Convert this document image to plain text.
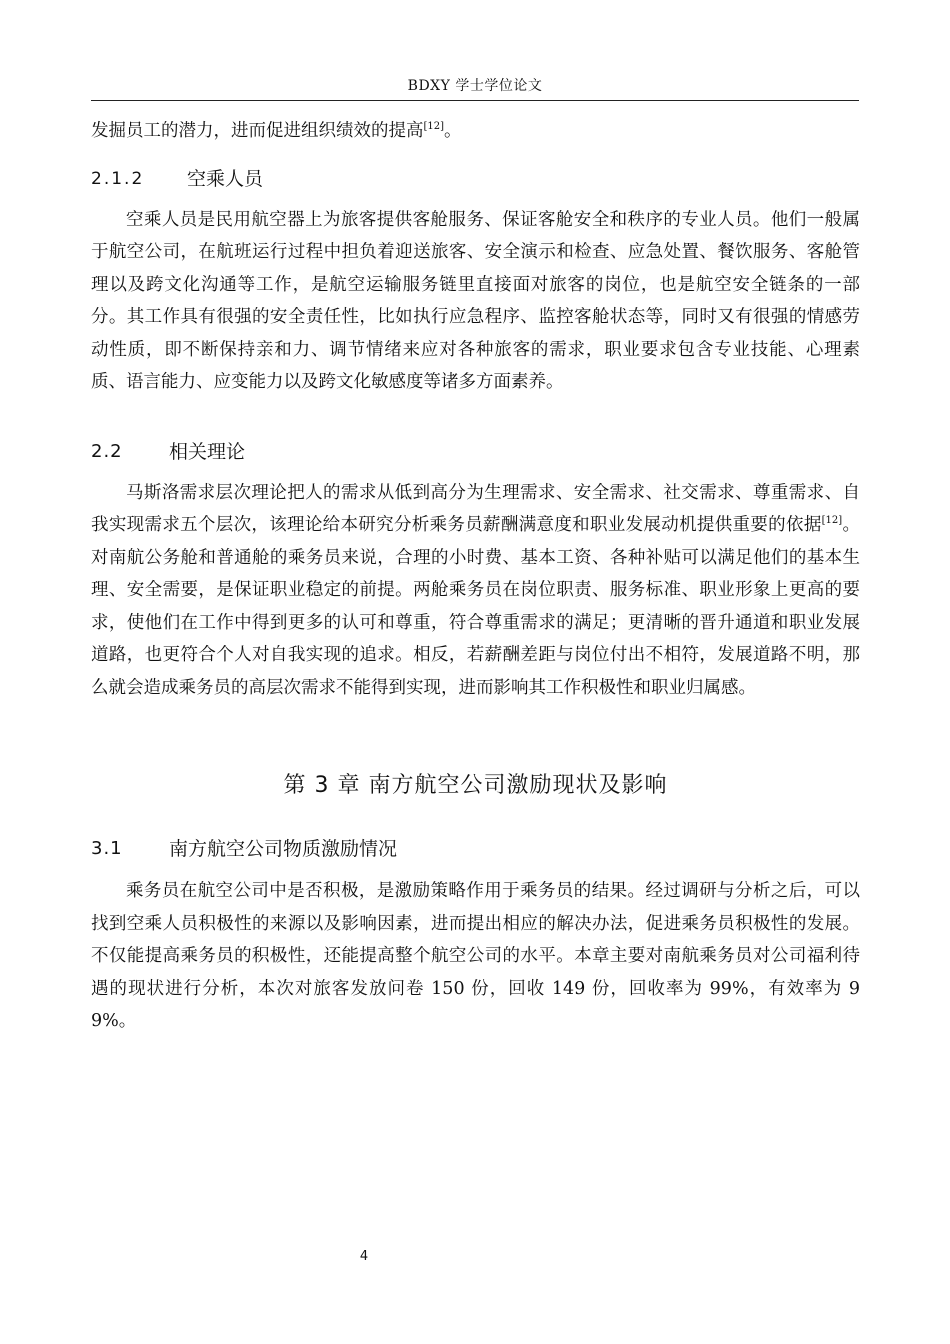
BDXY 学士学位论文

发掘员工的潜力，进而促进组织绩效的提高[12]。

2.1.2	空乘人员

空乘人员是民用航空器上为旅客提供客舱服务、保证客舱安全和秩序的专业人员。他们一般属于航空公司，在航班运行过程中担负着迎送旅客、安全演示和检查、应急处置、餐饮服务、客舱管理以及跨文化沟通等工作，是航空运输服务链里直接面对旅客的岗位，也是航空安全链条的一部分。其工作具有很强的安全责任性，比如执行应急程序、监控客舱状态等，同时又有很强的情感劳动性质，即不断保持亲和力、调节情绪来应对各种旅客的需求，职业要求包含专业技能、心理素质、语言能力、应变能力以及跨文化敏感度等诸多方面素养。

2.2	相关理论

马斯洛需求层次理论把人的需求从低到高分为生理需求、安全需求、社交需求、尊重需求、自我实现需求五个层次，该理论给本研究分析乘务员薪酬满意度和职业发展动机提供重要的依据[12]。对南航公务舱和普通舱的乘务员来说，合理的小时费、基本工资、各种补贴可以满足他们的基本生理、安全需要，是保证职业稳定的前提。两舱乘务员在岗位职责、服务标准、职业形象上更高的要求，使他们在工作中得到更多的认可和尊重，符合尊重需求的满足；更清晰的晋升通道和职业发展道路，也更符合个人对自我实现的追求。相反，若薪酬差距与岗位付出不相符，发展道路不明，那么就会造成乘务员的高层次需求不能得到实现，进而影响其工作积极性和职业归属感。

第 3 章 南方航空公司激励现状及影响
3.1	南方航空公司物质激励情况

乘务员在航空公司中是否积极，是激励策略作用于乘务员的结果。经过调研与分析之后，可以找到空乘人员积极性的来源以及影响因素，进而提出相应的解决办法，促进乘务员积极性的发展。不仅能提高乘务员的积极性，还能提高整个航空公司的水平。本章主要对南航乘务员对公司福利待遇的现状进行分析，本次对旅客发放问卷 150 份，回收 149 份，回收率为 99%，有效率为 99%。

4
